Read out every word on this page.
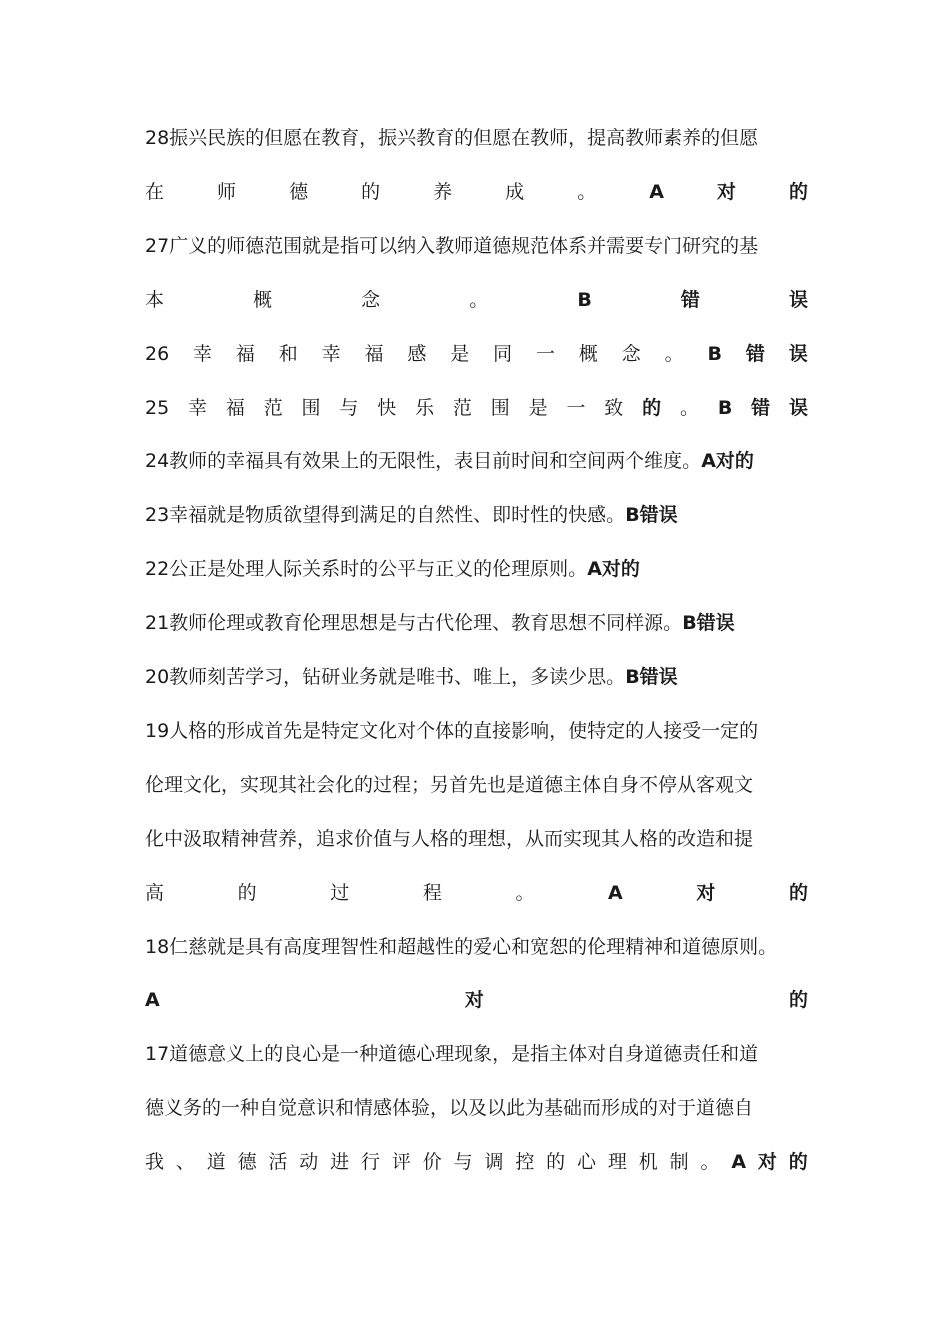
28振兴民族的但愿在教育，振兴教育的但愿在教师，提高教师素养的但愿
在	师	德	的	养	成	。	A	对	的
27广义的师德范围就是指可以纳入教师道德规范体系并需要专门研究的基
本	概	念	。	B	错	误
26 幸 福 和 幸 福 感 是 同 一 概 念 。 B 错 误
25 幸 福 范 围 与 快 乐 范 围 是 一 致 的 。 B 错 误
24教师的幸福具有效果上的无限性，表目前时间和空间两个维度。A对的
23幸福就是物质欲望得到满足的自然性、即时性的快感。B错误
22公正是处理人际关系时的公平与正义的伦理原则。A对的
21教师伦理或教育伦理思想是与古代伦理、教育思想不同样源。B错误
20教师刻苦学习，钻研业务就是唯书、唯上，多读少思。B错误
19人格的形成首先是特定文化对个体的直接影响，使特定的人接受一定的
伦理文化，实现其社会化的过程；另首先也是道德主体自身不停从客观文
化中汲取精神营养，追求价值与人格的理想，从而实现其人格的改造和提
高	的	过	程	。	A	对	的
18仁慈就是具有高度理智性和超越性的爱心和宽恕的伦理精神和道德原则。
A	对	的
17道德意义上的良心是一种道德心理现象，是指主体对自身道德责任和道
德义务的一种自觉意识和情感体验，以及以此为基础而形成的对于道德自
我 、 道 德 活 动 进 行 评 价 与 调 控 的 心 理 机 制 。 A 对 的
